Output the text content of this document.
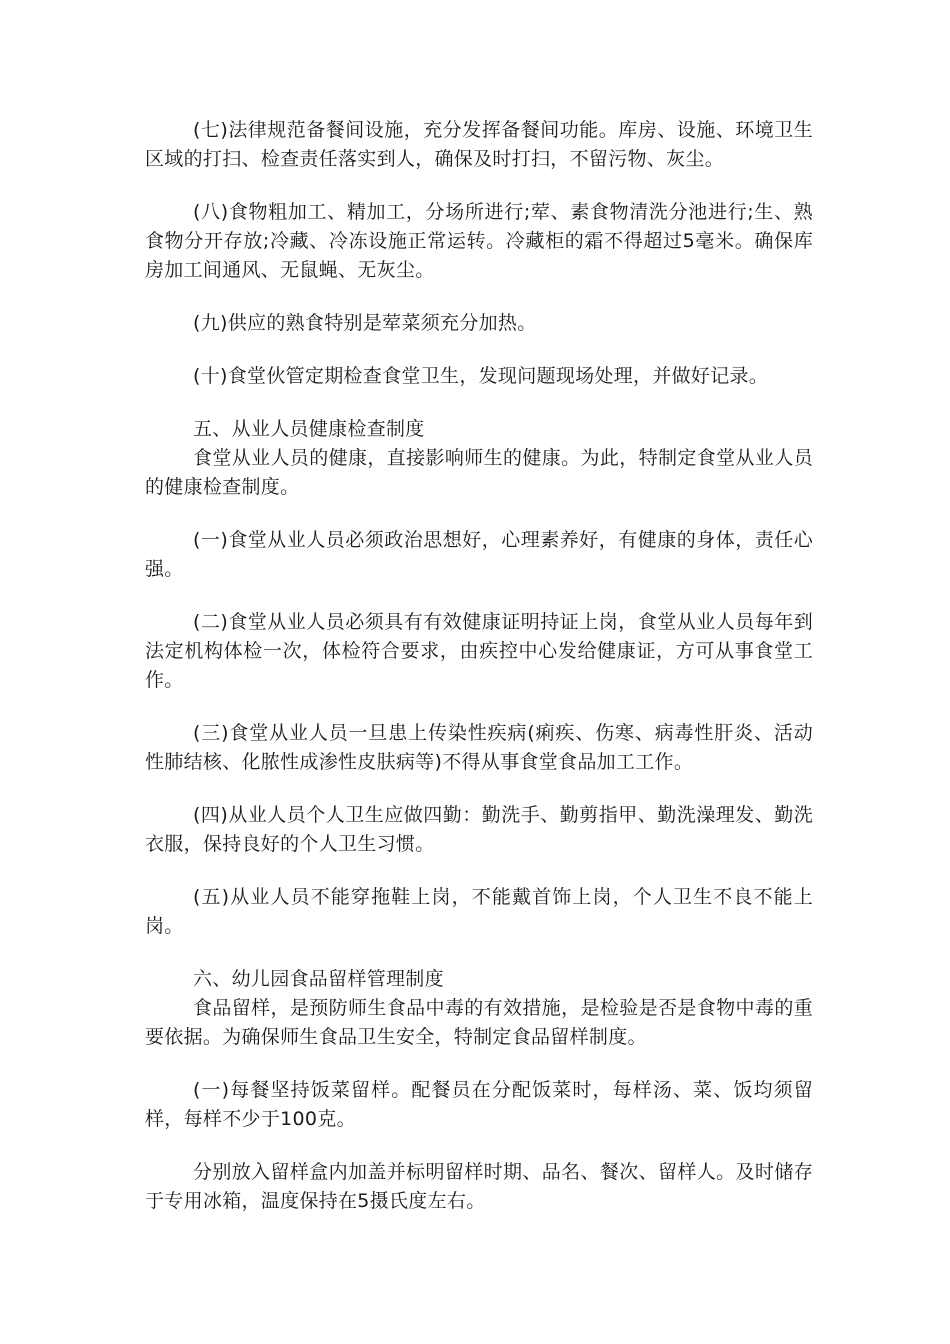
(七)法律规范备餐间设施，充分发挥备餐间功能。库房、设施、环境卫生区域的打扫、检查责任落实到人，确保及时打扫，不留污物、灰尘。

(八)食物粗加工、精加工，分场所进行;荤、素食物清洗分池进行;生、熟食物分开存放;冷藏、冷冻设施正常运转。冷藏柜的霜不得超过5毫米。确保库房加工间通风、无鼠蝇、无灰尘。

(九)供应的熟食特别是荤菜须充分加热。

(十)食堂伙管定期检查食堂卫生，发现问题现场处理，并做好记录。

五、从业人员健康检查制度

食堂从业人员的健康，直接影响师生的健康。为此，特制定食堂从业人员的健康检查制度。

(一)食堂从业人员必须政治思想好，心理素养好，有健康的身体，责任心强。

(二)食堂从业人员必须具有有效健康证明持证上岗，食堂从业人员每年到法定机构体检一次，体检符合要求，由疾控中心发给健康证，方可从事食堂工作。

(三)食堂从业人员一旦患上传染性疾病(痢疾、伤寒、病毒性肝炎、活动性肺结核、化脓性成渗性皮肤病等)不得从事食堂食品加工工作。

(四)从业人员个人卫生应做四勤：勤洗手、勤剪指甲、勤洗澡理发、勤洗衣服，保持良好的个人卫生习惯。

(五)从业人员不能穿拖鞋上岗，不能戴首饰上岗，个人卫生不良不能上岗。

六、幼儿园食品留样管理制度

食品留样，是预防师生食品中毒的有效措施，是检验是否是食物中毒的重要依据。为确保师生食品卫生安全，特制定食品留样制度。

(一)每餐坚持饭菜留样。配餐员在分配饭菜时，每样汤、菜、饭均须留样，每样不少于100克。

分别放入留样盒内加盖并标明留样时期、品名、餐次、留样人。及时储存于专用冰箱，温度保持在5摄氏度左右。
